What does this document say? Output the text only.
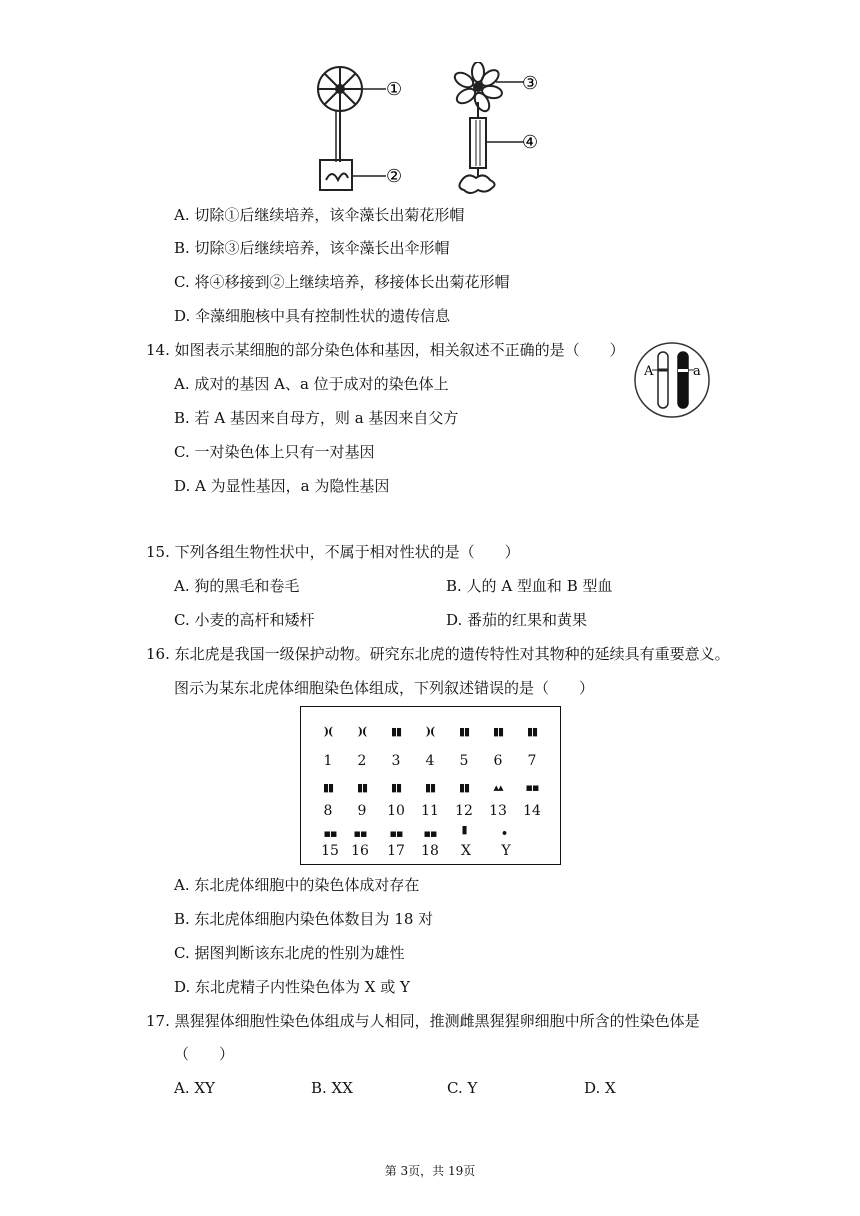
①
②
③
④
A. 切除①后继续培养，该伞藻长出菊花形帽
B. 切除③后继续培养，该伞藻长出伞形帽
C. 将④移接到②上继续培养，移接体长出菊花形帽
D. 伞藻细胞核中具有控制性状的遗传信息
14. 如图表示某细胞的部分染色体和基因，相关叙述不正确的是（　　）
A. 成对的基因 A、a 位于成对的染色体上
B. 若 A 基因来自母方，则 a 基因来自父方
C. 一对染色体上只有一对基因
D. A 为显性基因，a 为隐性基因
A	a
15. 下列各组生物性状中，不属于相对性状的是（　　）
A. 狗的黑毛和卷毛	B. 人的 A 型血和 B 型血
C. 小麦的高杆和矮杆	D. 番茄的红果和黄果
16. 东北虎是我国一级保护动物。研究东北虎的遗传特性对其物种的延续具有重要意义。
图示为某东北虎体细胞染色体组成，下列叙述错误的是（　　）
)(	)(	▮▮	)(	▮▮	▮▮	▮▮
1	2	3	4	5	6	7
▮▮	▮▮	▮▮	▮▮	▮▮	▴▴	▪▪
8	9	10 11 12 13 14
▪▪	▪▪	▪▪	▪▪	▮	•
15 16 17 18	X	Y
A. 东北虎体细胞中的染色体成对存在
B. 东北虎体细胞内染色体数目为 18 对
C. 据图判断该东北虎的性别为雄性
D. 东北虎精子内性染色体为 X 或 Y
17. 黑猩猩体细胞性染色体组成与人相同，推测雌黑猩猩卵细胞中所含的性染色体是
（　　）
A. XY	B. XX	C. Y	D. X
第 3页，共 19页
